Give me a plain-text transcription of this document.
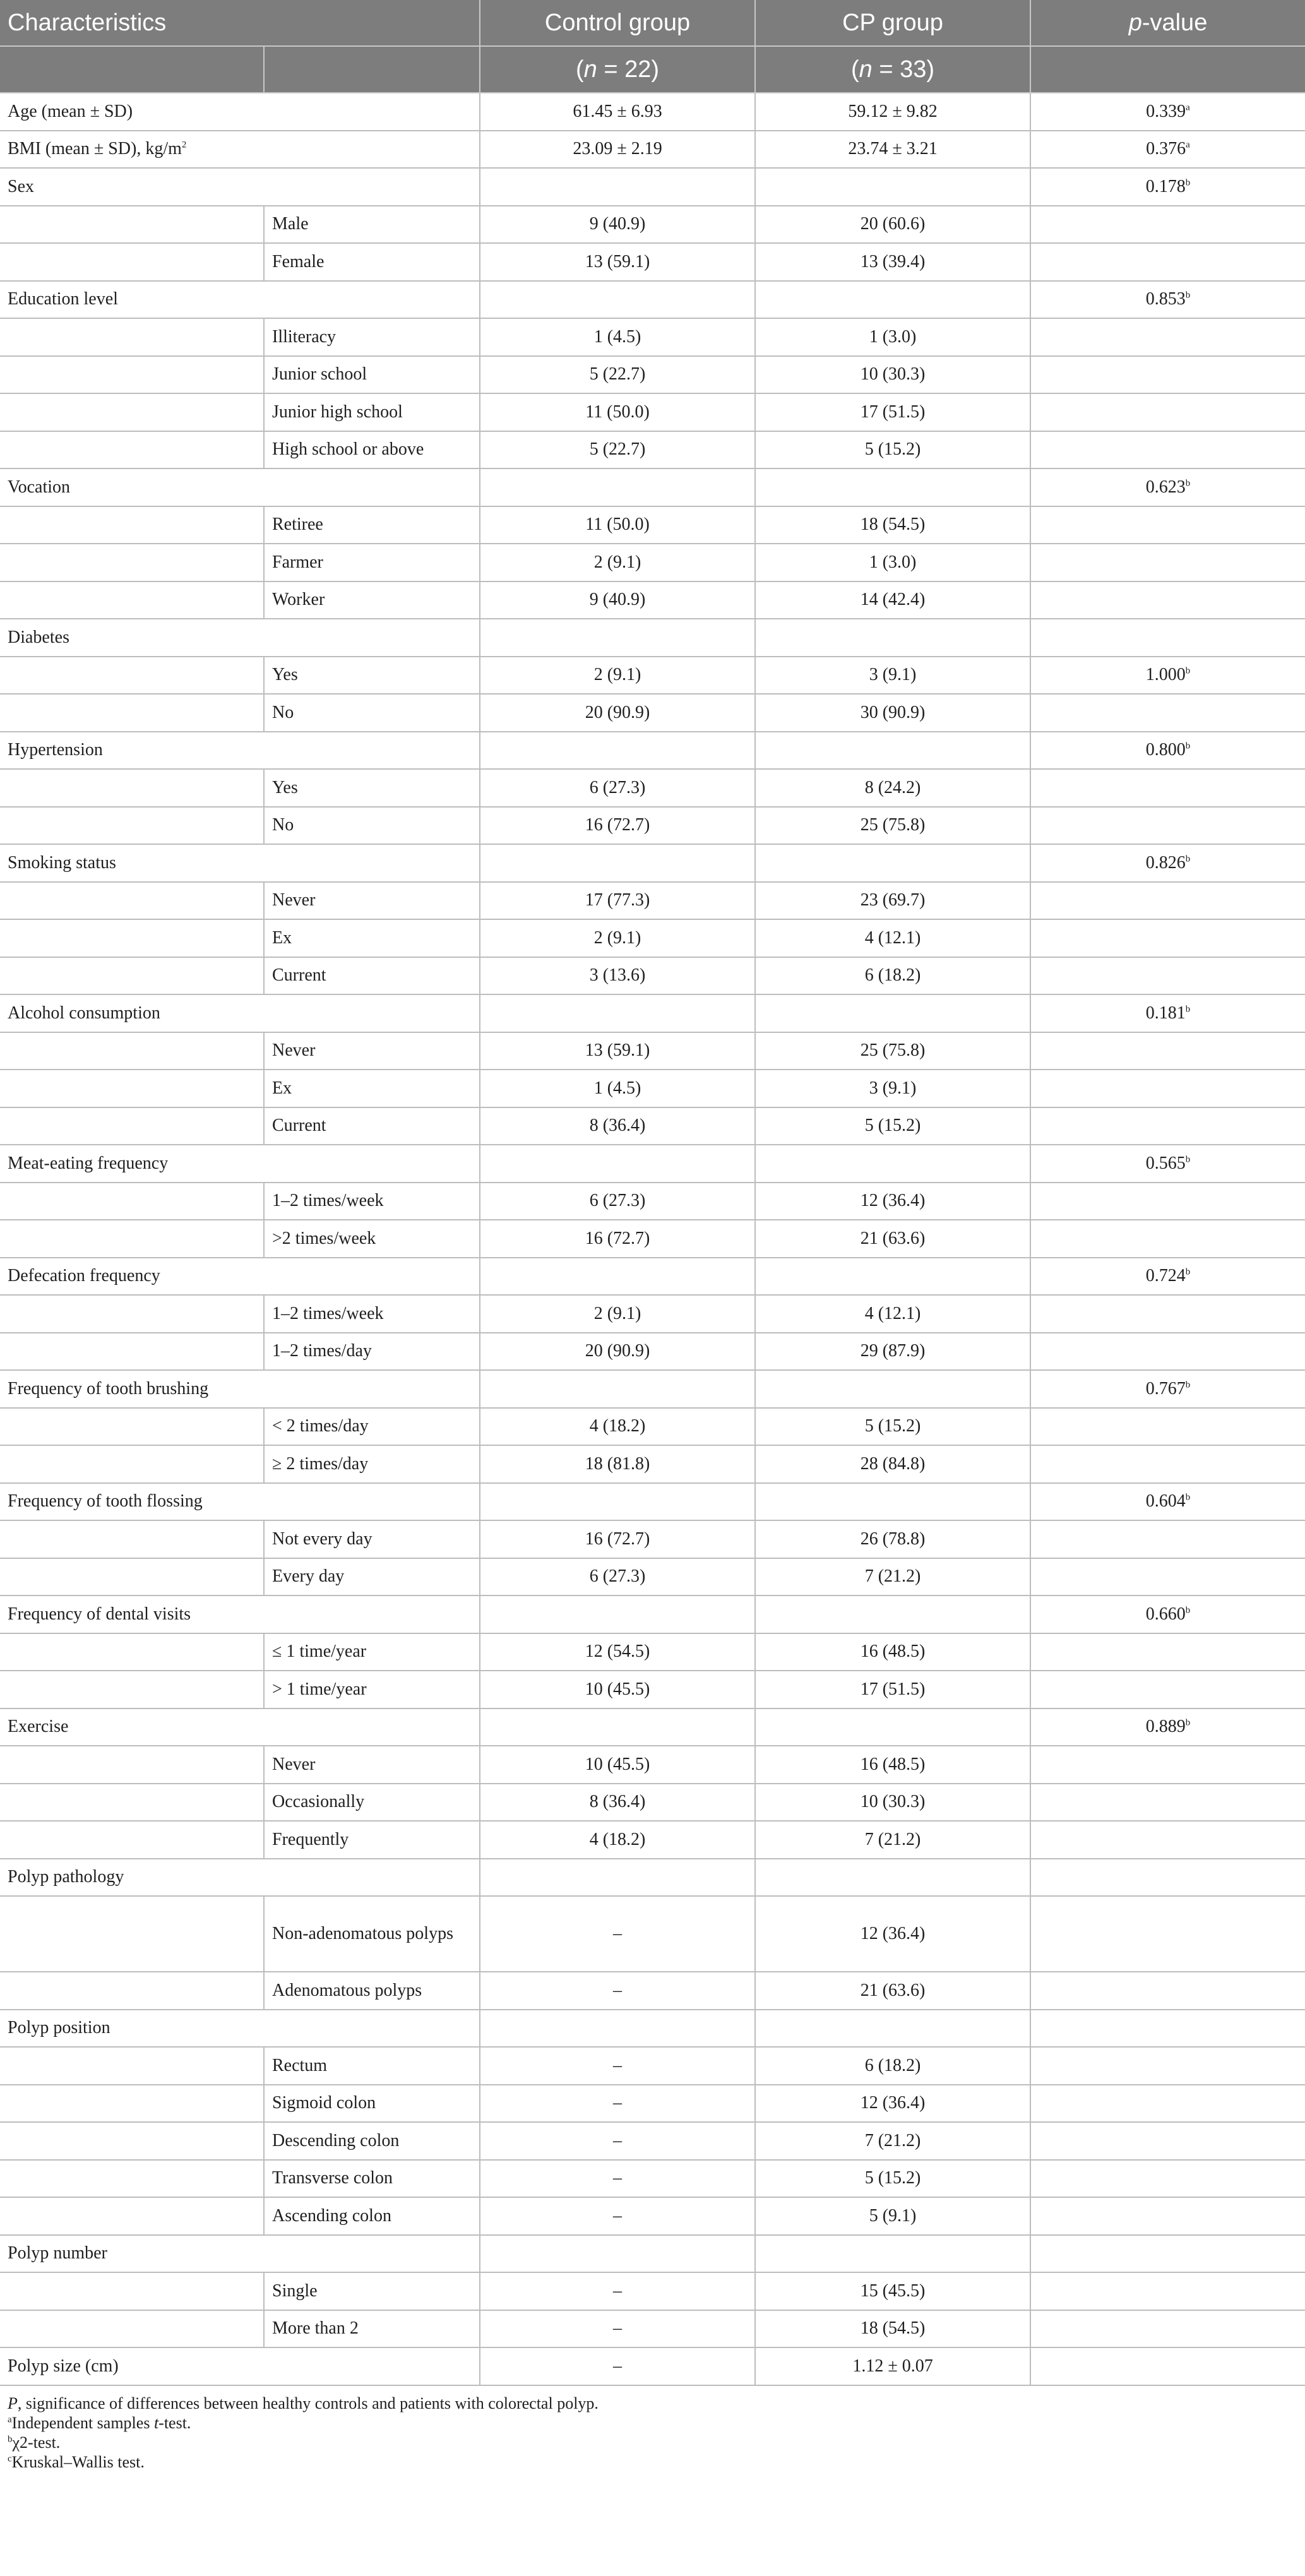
Characteristics		Control group	CP group	p-value
		(n = 22)	(n = 33)	
Age (mean ± SD)		61.45 ± 6.93	59.12 ± 9.82	0.339$^a$
BMI (mean ± SD), $kg/m^2$		23.09 ± 2.19	23.74 ± 3.21	0.376$^a$
Sex				0.178$^b$
	Male	9 (40.9)	20 (60.6)	
	Female	13 (59.1)	13 (39.4)	
Education level				0.853$^b$
	Illiteracy	1 (4.5)	1 (3.0)	
	Junior school	5 (22.7)	10 (30.3)	
	Junior high school	11 (50.0)	17 (51.5)	
	High school or above	5 (22.7)	5 (15.2)	
Vocation				0.623$^b$
	Retiree	11 (50.0)	18 (54.5)	
	Farmer	2 (9.1)	1 (3.0)	
	Worker	9 (40.9)	14 (42.4)	
Diabetes				
	Yes	2 (9.1)	3 (9.1)	1.000$^b$
	No	20 (90.9)	30 (90.9)	
Hypertension				0.800$^b$
	Yes	6 (27.3)	8 (24.2)	
	No	16 (72.7)	25 (75.8)	
Smoking status				0.826$^b$
	Never	17 (77.3)	23 (69.7)	
	Ex	2 (9.1)	4 (12.1)	
	Current	3 (13.6)	6 (18.2)	
Alcohol consumption				0.181$^b$
	Never	13 (59.1)	25 (75.8)	
	Ex	1 (4.5)	3 (9.1)	
	Current	8 (36.4)	5 (15.2)	
Meat-eating frequency				0.565$^b$
	1–2 times/week	6 (27.3)	12 (36.4)	
	>2 times/week	16 (72.7)	21 (63.6)	
Defecation frequency				0.724$^b$
	1–2 times/week	2 (9.1)	4 (12.1)	
	1–2 times/day	20 (90.9)	29 (87.9)	
Frequency of tooth brushing				0.767$^b$
	< 2 times/day	4 (18.2)	5 (15.2)	
	≥ 2 times/day	18 (81.8)	28 (84.8)	
Frequency of tooth flossing				0.604$^b$
	Not every day	16 (72.7)	26 (78.8)	
	Every day	6 (27.3)	7 (21.2)	
Frequency of dental visits				0.660$^b$
	≤ 1 time/year	12 (54.5)	16 (48.5)	
	> 1 time/year	10 (45.5)	17 (51.5)	
Exercise				0.889$^b$
	Never	10 (45.5)	16 (48.5)	
	Occasionally	8 (36.4)	10 (30.3)	
	Frequently	4 (18.2)	7 (21.2)	
Polyp pathology				
	Non-adenomatous polyps	–	12 (36.4)	
	Adenomatous polyps	–	21 (63.6)	
Polyp position				
	Rectum	–	6 (18.2)	
	Sigmoid colon	–	12 (36.4)	
	Descending colon	–	7 (21.2)	
	Transverse colon	–	5 (15.2)	
	Ascending colon	–	5 (9.1)	
Polyp number				
	Single	–	15 (45.5)	
	More than 2	–	18 (54.5)	
Polyp size (cm)		–	1.12 ± 0.07	
P, significance of differences between healthy controls and patients with colorectal polyp.
$^a$Independent samples t-test.
$^b$χ2-test.
$^c$Kruskal–Wallis test.
